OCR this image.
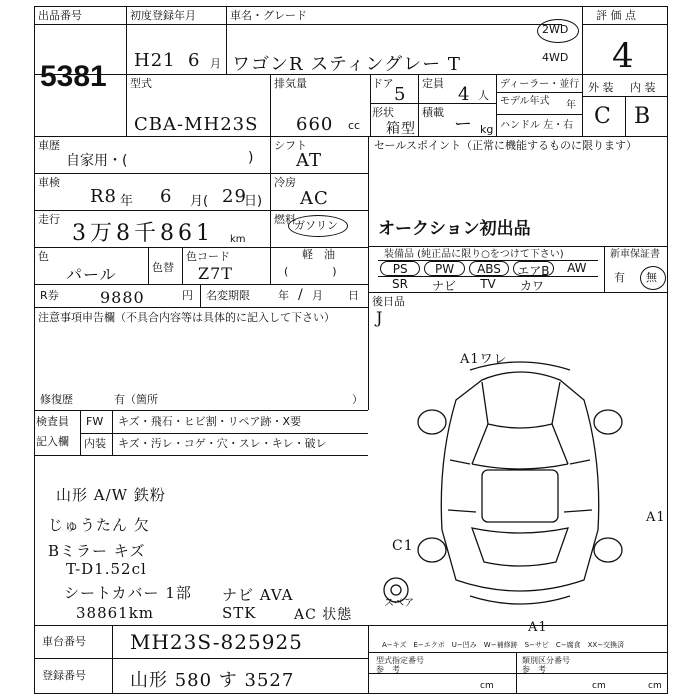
出品番号
5381
初度登録年月
H21 6 月
車名・グレード
ワゴンR スティングレー T
2WD
4WD
型式
CBA-MH23S
排気量
660 cc
ドア
5
定員
4 人
形状
箱型
積載
ー kg
ディーラー・並行
モデル年式 年
ハンドル 左・右
評 価 点
4
外 装 内 装
C B
車歴
自家用・(	)
車検
R8 年 6 月( 29
日)
走行
3万8千861 km
色
パール	色替
色コード
Z7T
R券	9880	円 名変期限	年 / 月 日
シフト
AT
冷房
AC
燃料
ガソリン
軽　油
(　　　　)
セールスポイント（正常に機能するものに限ります）
オークション初出品
装備品 (純正品に限り○をつけて下さい)
PS	PW	ABS	エアB	AW
SR	ナビ	TV	カワ
新車保証書
有 無
注意事項申告欄（不具合内容等は具体的に記入して下さい）
修復歴	有（箇所	）
後日品
J
検査員
記入欄
FW キズ・飛石・ヒビ割・リペア跡・X要
内装 キズ・汚レ・コゲ・穴・スレ・キレ・破レ
山形 A/W 鉄粉
じゅうたん 欠
Bミラー キズ
T-D1.52cl
シートカバー 1部
38861km
ナビ AVA
STK	AC 状態
A1ワレ
C1
A1
A1
スペア
A−キズ　E−エクボ　U−凹み　W−補修跡　S−サビ　C−腐食　XX−交換済
型式指定番号
参　考
類別区分番号
参　考
cm	cm	cm
車台番号 MH23S-825925
登録番号 山形 580 す 3527
